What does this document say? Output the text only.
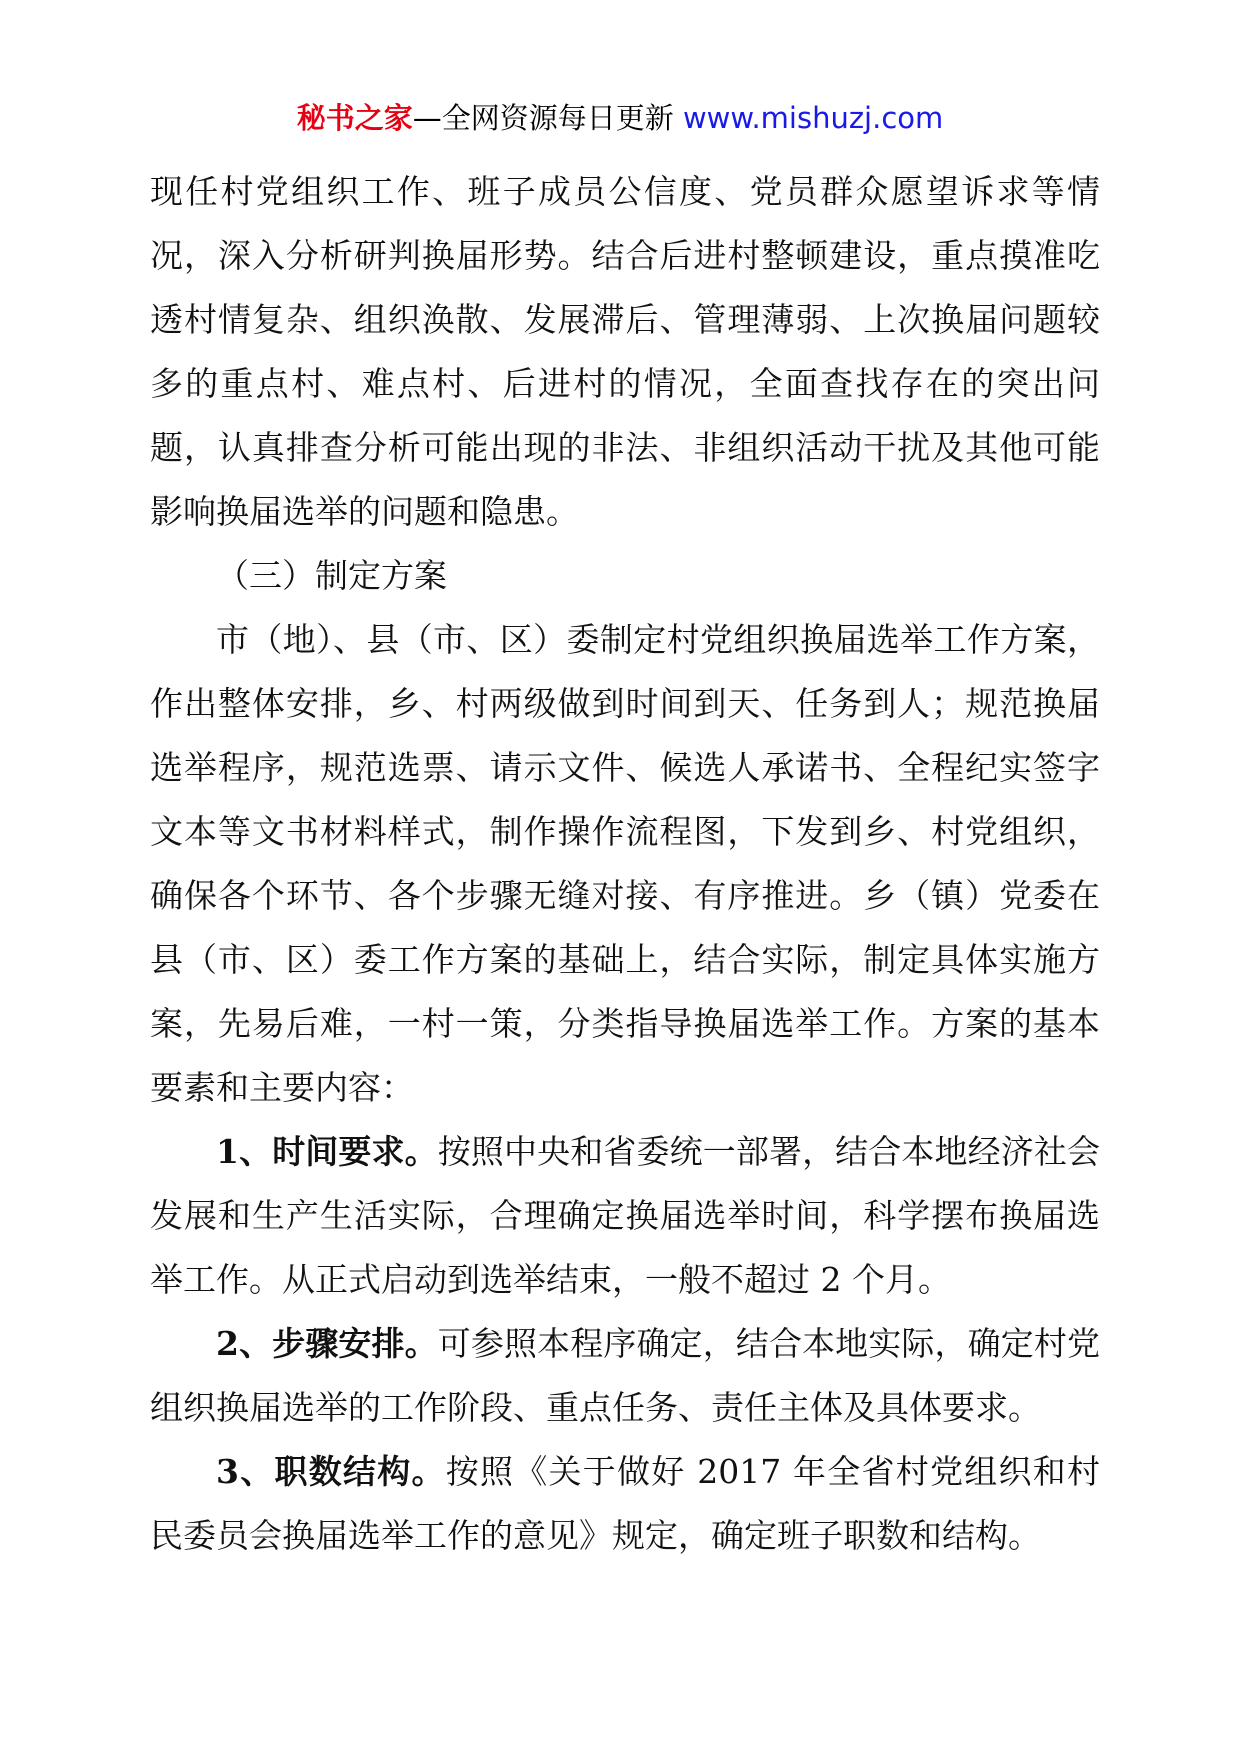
秘书之家—全网资源每日更新 www.mishuzj.com

现任村党组织工作、班子成员公信度、党员群众愿望诉求等情况，深入分析研判换届形势。结合后进村整顿建设，重点摸准吃透村情复杂、组织涣散、发展滞后、管理薄弱、上次换届问题较多的重点村、难点村、后进村的情况，全面查找存在的突出问题，认真排查分析可能出现的非法、非组织活动干扰及其他可能影响换届选举的问题和隐患。

（三）制定方案

市（地）、县（市、区）委制定村党组织换届选举工作方案，作出整体安排，乡、村两级做到时间到天、任务到人；规范换届选举程序，规范选票、请示文件、候选人承诺书、全程纪实签字文本等文书材料样式，制作操作流程图，下发到乡、村党组织，确保各个环节、各个步骤无缝对接、有序推进。乡（镇）党委在县（市、区）委工作方案的基础上，结合实际，制定具体实施方案，先易后难，一村一策，分类指导换届选举工作。方案的基本要素和主要内容：

1、时间要求。按照中央和省委统一部署，结合本地经济社会发展和生产生活实际，合理确定换届选举时间，科学摆布换届选举工作。从正式启动到选举结束，一般不超过 2 个月。

2、步骤安排。可参照本程序确定，结合本地实际，确定村党组织换届选举的工作阶段、重点任务、责任主体及具体要求。

3、职数结构。按照《关于做好 2017 年全省村党组织和村民委员会换届选举工作的意见》规定，确定班子职数和结构。
